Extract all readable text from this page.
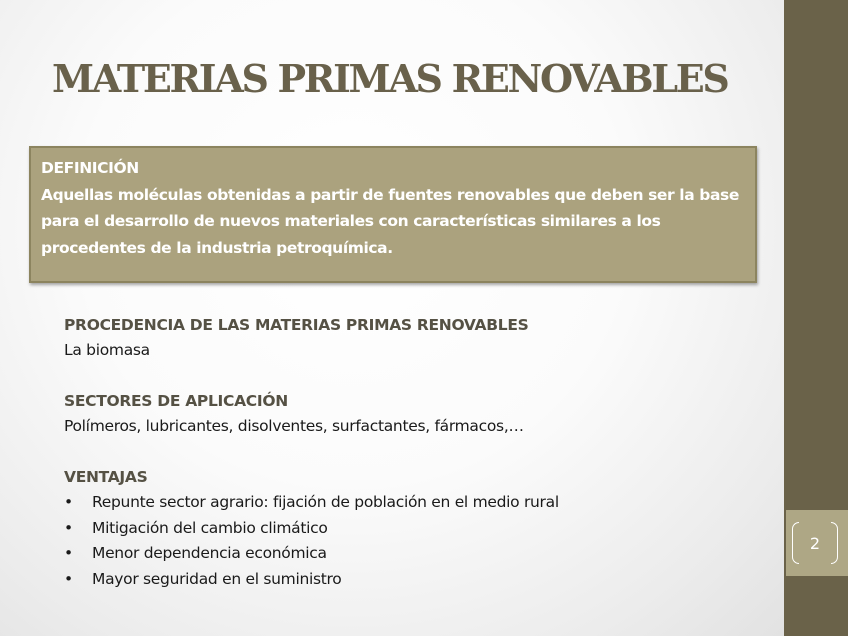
2
MATERIAS PRIMAS RENOVABLES
DEFINICIÓN
Aquellas moléculas obtenidas a partir de fuentes renovables que deben ser la base para el desarrollo de nuevos materiales con características similares a los procedentes de la industria petroquímica.
PROCEDENCIA DE LAS MATERIAS PRIMAS RENOVABLES
La biomasa
SECTORES DE APLICACIÓN
Polímeros, lubricantes, disolventes, surfactantes, fármacos,…
VENTAJAS
• Repunte sector agrario: fijación de población en el medio rural
• Mitigación del cambio climático
• Menor dependencia económica
• Mayor seguridad en el suministro
